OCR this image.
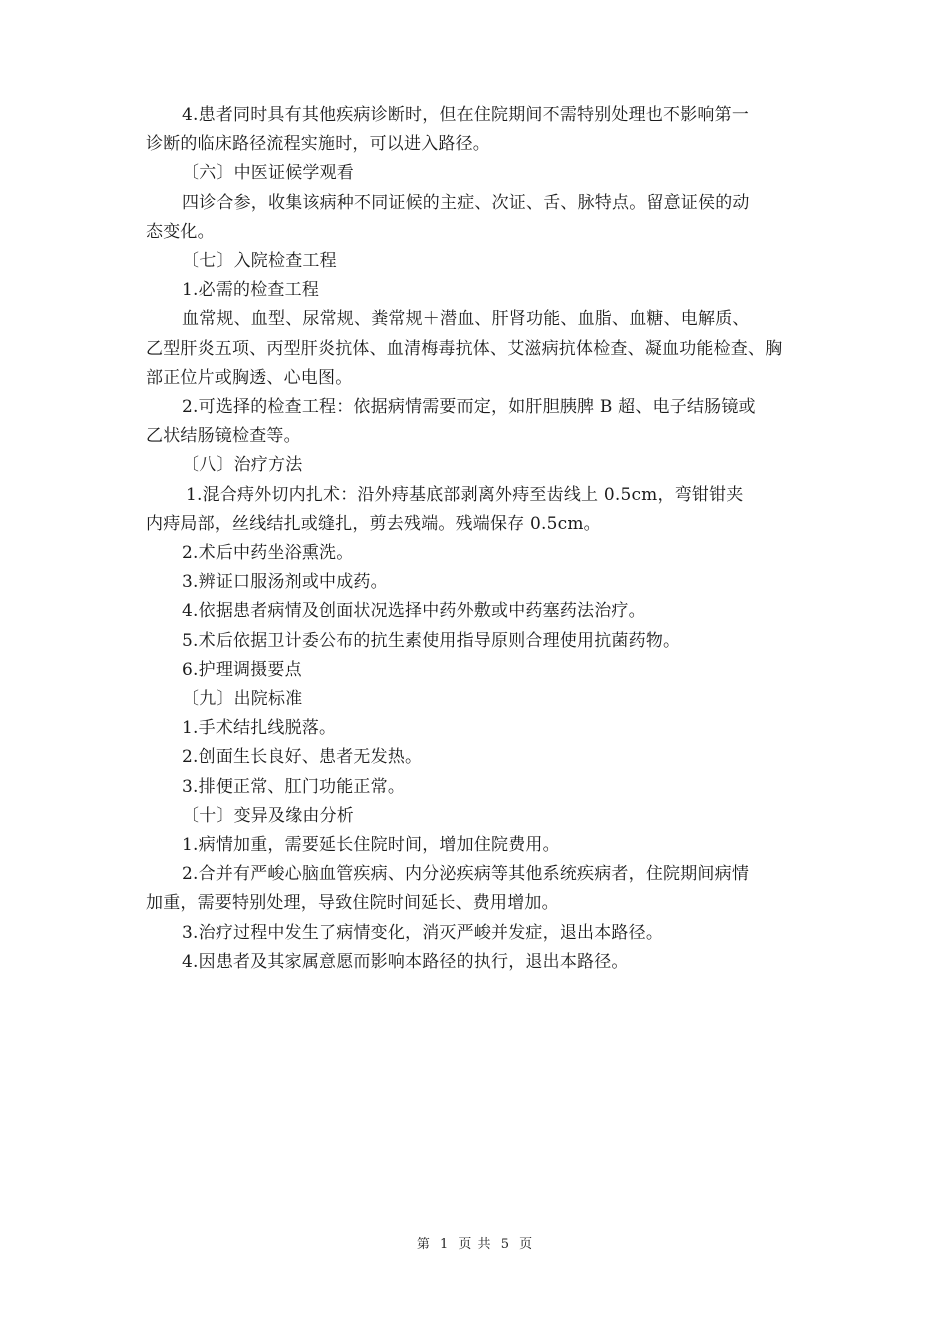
4.患者同时具有其他疾病诊断时，但在住院期间不需特别处理也不影响第一
诊断的临床路径流程实施时，可以进入路径。
〔六〕中医证候学观看
四诊合参，收集该病种不同证候的主症、次证、舌、脉特点。留意证侯的动
态变化。
〔七〕入院检查工程
1.必需的检查工程
血常规、血型、尿常规、粪常规＋潜血、肝肾功能、血脂、血糖、电解质、
乙型肝炎五项、丙型肝炎抗体、血清梅毒抗体、艾滋病抗体检查、凝血功能检查、胸
部正位片或胸透、心电图。
2.可选择的检查工程：依据病情需要而定，如肝胆胰脾 B 超、电子结肠镜或
乙状结肠镜检查等。
〔八〕治疗方法
1.混合痔外切内扎术：沿外痔基底部剥离外痔至齿线上 0.5cm，弯钳钳夹
内痔局部，丝线结扎或缝扎，剪去残端。残端保存 0.5cm。
2.术后中药坐浴熏洗。
3.辨证口服汤剂或中成药。
4.依据患者病情及创面状况选择中药外敷或中药塞药法治疗。
5.术后依据卫计委公布的抗生素使用指导原则合理使用抗菌药物。
6.护理调摄要点
〔九〕出院标准
1.手术结扎线脱落。
2.创面生长良好、患者无发热。
3.排便正常、肛门功能正常。
〔十〕变异及缘由分析
1.病情加重，需要延长住院时间，增加住院费用。
2.合并有严峻心脑血管疾病、内分泌疾病等其他系统疾病者，住院期间病情
加重，需要特别处理，导致住院时间延长、费用增加。
3.治疗过程中发生了病情变化，消灭严峻并发症，退出本路径。
4.因患者及其家属意愿而影响本路径的执行，退出本路径。
第 1 页 共 5 页
